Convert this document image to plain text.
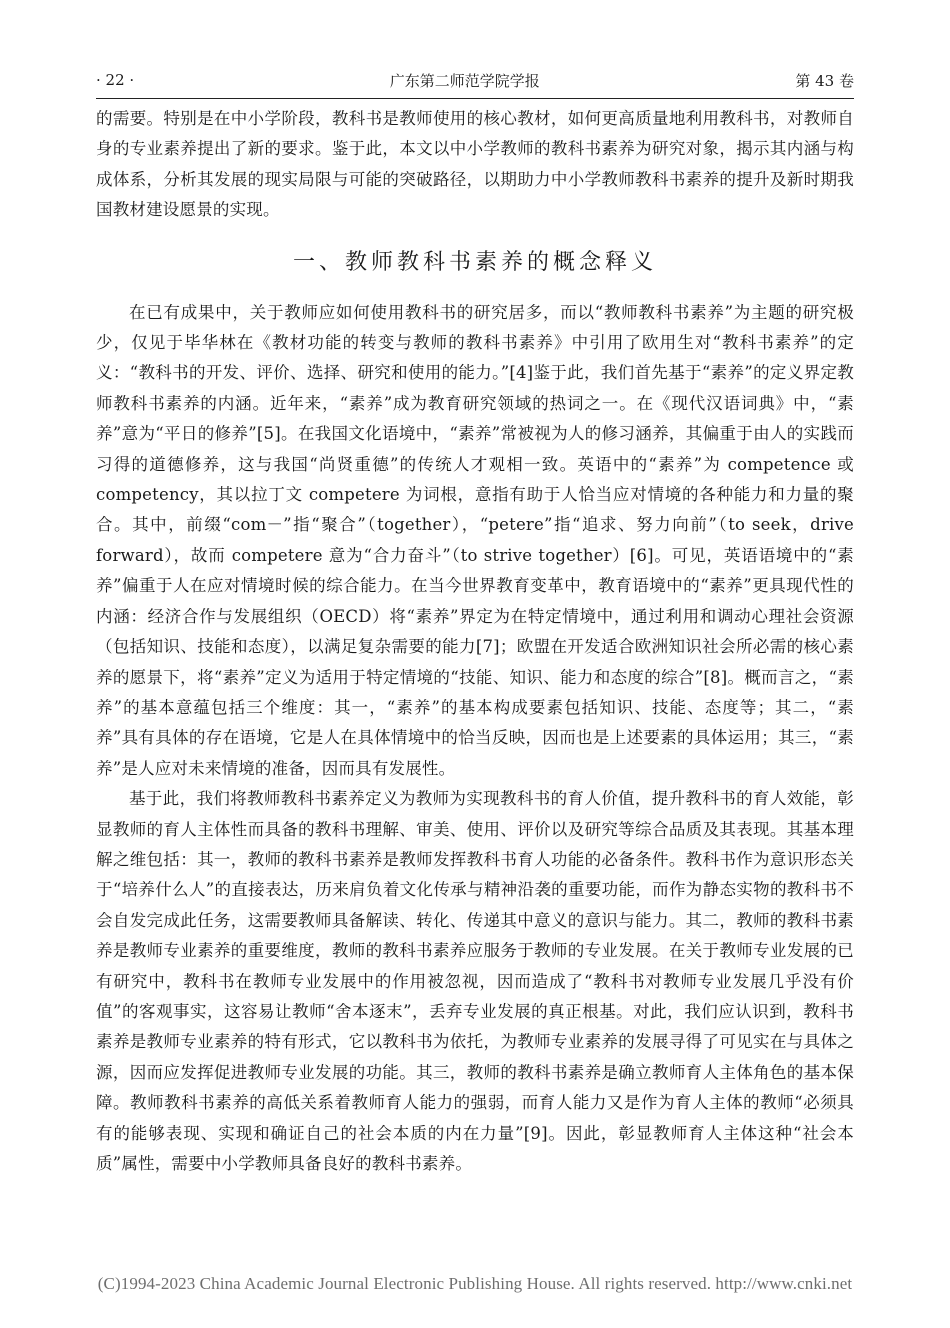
· 22 ·	广东第二师范学院学报	第 43 卷

的需要。特别是在中小学阶段，教科书是教师使用的核心教材，如何更高质量地利用教科书，对教师自身的专业素养提出了新的要求。鉴于此，本文以中小学教师的教科书素养为研究对象，揭示其内涵与构成体系，分析其发展的现实局限与可能的突破路径，以期助力中小学教师教科书素养的提升及新时期我国教材建设愿景的实现。

一、教师教科书素养的概念释义

在已有成果中，关于教师应如何使用教科书的研究居多，而以“教师教科书素养”为主题的研究极少，仅见于毕华林在《教材功能的转变与教师的教科书素养》中引用了欧用生对“教科书素养”的定义：“教科书的开发、评价、选择、研究和使用的能力。”[4]鉴于此，我们首先基于“素养”的定义界定教师教科书素养的内涵。近年来，“素养”成为教育研究领域的热词之一。在《现代汉语词典》中，“素养”意为“平日的修养”[5]。在我国文化语境中，“素养”常被视为人的修习涵养，其偏重于由人的实践而习得的道德修养，这与我国“尚贤重德”的传统人才观相一致。英语中的“素养”为 competence 或 competency，其以拉丁文 competere 为词根，意指有助于人恰当应对情境的各种能力和力量的聚合。其中，前缀“com－”指“聚合”（together），“petere”指“追求、努力向前”（to seek，drive forward），故而 competere 意为“合力奋斗”（to strive together）[6]。可见，英语语境中的“素养”偏重于人在应对情境时候的综合能力。在当今世界教育变革中，教育语境中的“素养”更具现代性的内涵：经济合作与发展组织（OECD）将“素养”界定为在特定情境中，通过利用和调动心理社会资源（包括知识、技能和态度），以满足复杂需要的能力[7]；欧盟在开发适合欧洲知识社会所必需的核心素养的愿景下，将“素养”定义为适用于特定情境的“技能、知识、能力和态度的综合”[8]。概而言之，“素养”的基本意蕴包括三个维度：其一，“素养”的基本构成要素包括知识、技能、态度等；其二，“素养”具有具体的存在语境，它是人在具体情境中的恰当反映，因而也是上述要素的具体运用；其三，“素养”是人应对未来情境的准备，因而具有发展性。

基于此，我们将教师教科书素养定义为教师为实现教科书的育人价值，提升教科书的育人效能，彰显教师的育人主体性而具备的教科书理解、审美、使用、评价以及研究等综合品质及其表现。其基本理解之维包括：其一，教师的教科书素养是教师发挥教科书育人功能的必备条件。教科书作为意识形态关于“培养什么人”的直接表达，历来肩负着文化传承与精神沿袭的重要功能，而作为静态实物的教科书不会自发完成此任务，这需要教师具备解读、转化、传递其中意义的意识与能力。其二，教师的教科书素养是教师专业素养的重要维度，教师的教科书素养应服务于教师的专业发展。在关于教师专业发展的已有研究中，教科书在教师专业发展中的作用被忽视，因而造成了“教科书对教师专业发展几乎没有价值”的客观事实，这容易让教师“舍本逐末”，丢弃专业发展的真正根基。对此，我们应认识到，教科书素养是教师专业素养的特有形式，它以教科书为依托，为教师专业素养的发展寻得了可见实在与具体之源，因而应发挥促进教师专业发展的功能。其三，教师的教科书素养是确立教师育人主体角色的基本保障。教师教科书素养的高低关系着教师育人能力的强弱，而育人能力又是作为育人主体的教师“必须具有的能够表现、实现和确证自己的社会本质的内在力量”[9]。因此，彰显教师育人主体这种“社会本质”属性，需要中小学教师具备良好的教科书素养。

(C)1994-2023 China Academic Journal Electronic Publishing House. All rights reserved. http://www.cnki.net
